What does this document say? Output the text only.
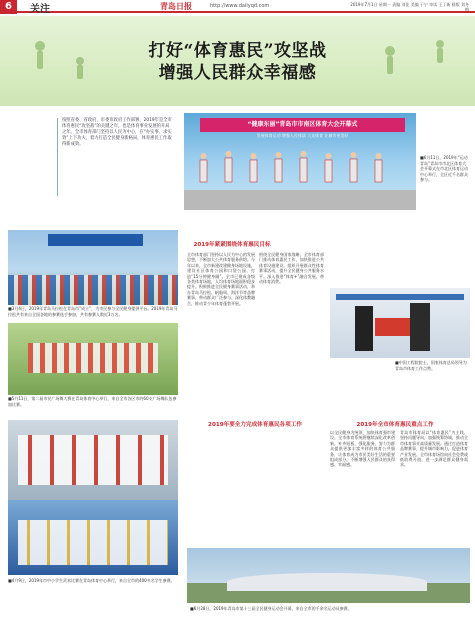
6	关注	青岛日报	http://www.dailyqd.com	2019年7月1日 星期一 责编 刘佳 美编 于宁 审读 王丁新 排版 刘冬梅
打好“体育惠民”攻坚战
增强人民群众幸福感
按照省委、省政府、市委市政府工作部署，2019年是全市体育惠民“攻坚战”的关键之年，也是体育事业发展的开局之年。全市体育部门坚持以人民为中心，在“办实事，求实效”上下功夫，着力打造全民健身新格局，体育惠民工作取得新成效。
“健康东丽”青岛市市南区体育大会开幕式
发展体育运动 增强人民体质 大众体育 让城市更美好
■6月11日，2019年“运动青岛”青岛市市北区体育大会开幕式在市北区体育运动中心举行，全区近千名群众参与。
■3月4日，2019年青岛马拉松在青岛市“成立”，为市民参与全民健身提供平台。2019年青岛马拉松共有来自全国各地的参赛选手参加，共有参赛人数近3万名。
■5月11日，第二届市民广场舞大赛在青岛体育中心举行，来自全市各区市的60支广场舞队伍参加比赛。
■4月9日，2019年市中小学生武术比赛在青岛体育中心举行，来自全市的400多名学生参赛。
2019年紧紧围绕体育惠民目标
全市体育部门坚持以人民为中心的发展思想，不断加大公共体育服务供给。今年以来，全市新建改建健身场地设施，建设社区体育公园和口袋公园，打造“15分钟健身圈”。全市已建成各级各类体育场地，人均体育场地面积稳步提升。积极推进全民健身赛事活动，举办青岛马拉松、帆船周、海洋节等品牌赛事，带动群众广泛参与。深化体教融合，推动青少年体育蓬勃开展。
围绕全民健身国家战略，全市体育部门推动体育惠民工作，加快推进公共体育设施建设，组织开展群众性体育赛事活动，提升全民健身公共服务水平。深入推进“体育+”融合发展，带动体育消费。
2019年全市体育惠民重点工作
以全民健身为统领，加快体育强市建设。全市体育系统将继续深化改革创新，补齐短板，强化服务，努力为群众提供更加丰富多样的体育公共服务，让体育成为市民美好生活的重要组成部分，不断增强人民群众的获得感、幸福感。
2019年要全力完成体育惠民各项工作
青岛市体育局以“体育惠民”为主线，坚持问题导向，加强统筹协调，推动全市体育事业高质量发展。通过打造体育品牌赛事，提升城市影响力，促进体育产业发展。全市体育场馆向社会免费或低收费开放，进一步满足群众健身需求。
■中国工程院院士、国家体育总局领导为青岛市体育工作点赞。
■6月28日，2019年青岛市第十三届全民健身运动会开幕，来自全市的千余名运动员参赛。
